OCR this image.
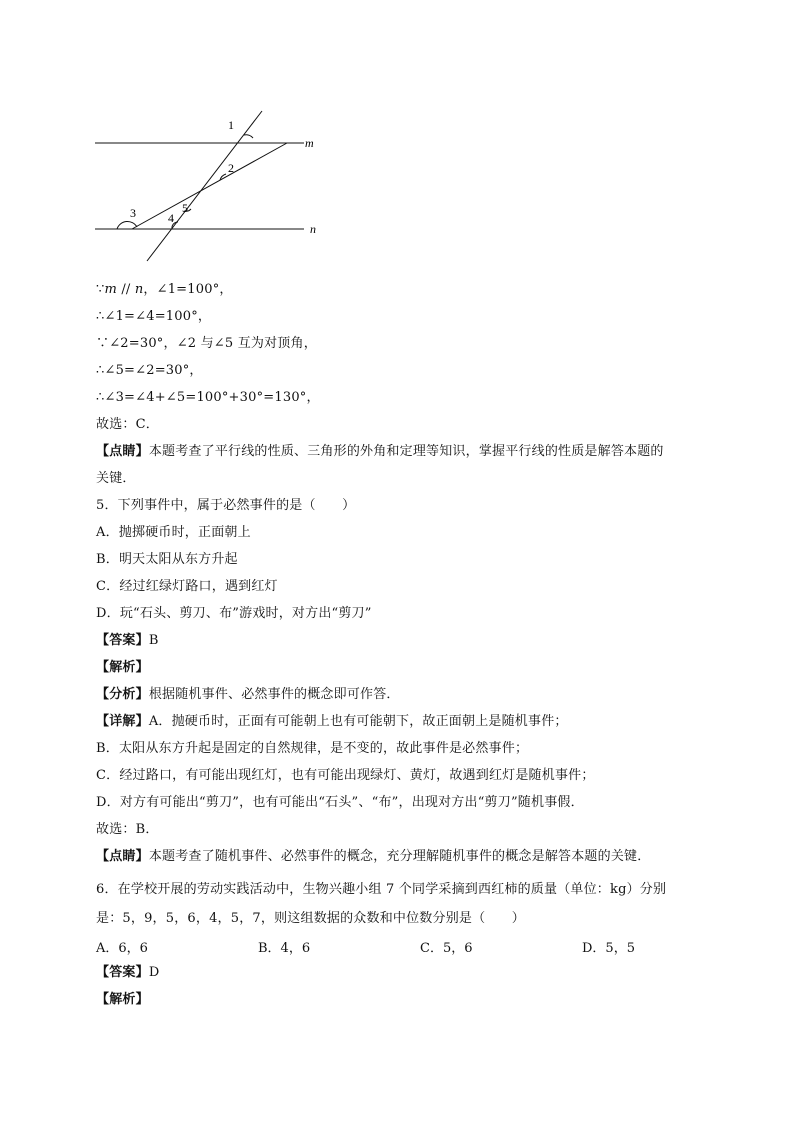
1
2
3	4
5
m
n
∵m // n，∠1=100°，
∴∠1=∠4=100°，
∵∠2=30°，∠2 与∠5 互为对顶角，
∴∠5=∠2=30°，
∴∠3=∠4+∠5=100°+30°=130°，
故选：C．
【点睛】本题考查了平行线的性质、三角形的外角和定理等知识，掌握平行线的性质是解答本题的
关键．
5．下列事件中，属于必然事件的是（　　）
A．抛掷硬币时，正面朝上
B．明天太阳从东方升起
C．经过红绿灯路口，遇到红灯
D．玩“石头、剪刀、布”游戏时，对方出“剪刀”
【答案】B
【解析】
【分析】根据随机事件、必然事件的概念即可作答．
【详解】A．抛硬币时，正面有可能朝上也有可能朝下，故正面朝上是随机事件；
B．太阳从东方升起是固定的自然规律，是不变的，故此事件是必然事件；
C．经过路口，有可能出现红灯，也有可能出现绿灯、黄灯，故遇到红灯是随机事件；
D．对方有可能出“剪刀”，也有可能出“石头”、“布”，出现对方出“剪刀”随机事假．
故选：B．
【点睛】本题考查了随机事件、必然事件的概念，充分理解随机事件的概念是解答本题的关键．
6．在学校开展的劳动实践活动中，生物兴趣小组 7 个同学采摘到西红柿的质量（单位：kg）分别
是：5，9，5，6，4，5，7，则这组数据的众数和中位数分别是（　　）
A．6，6	B．4，6	C．5，6	D．5，5
【答案】D
【解析】
